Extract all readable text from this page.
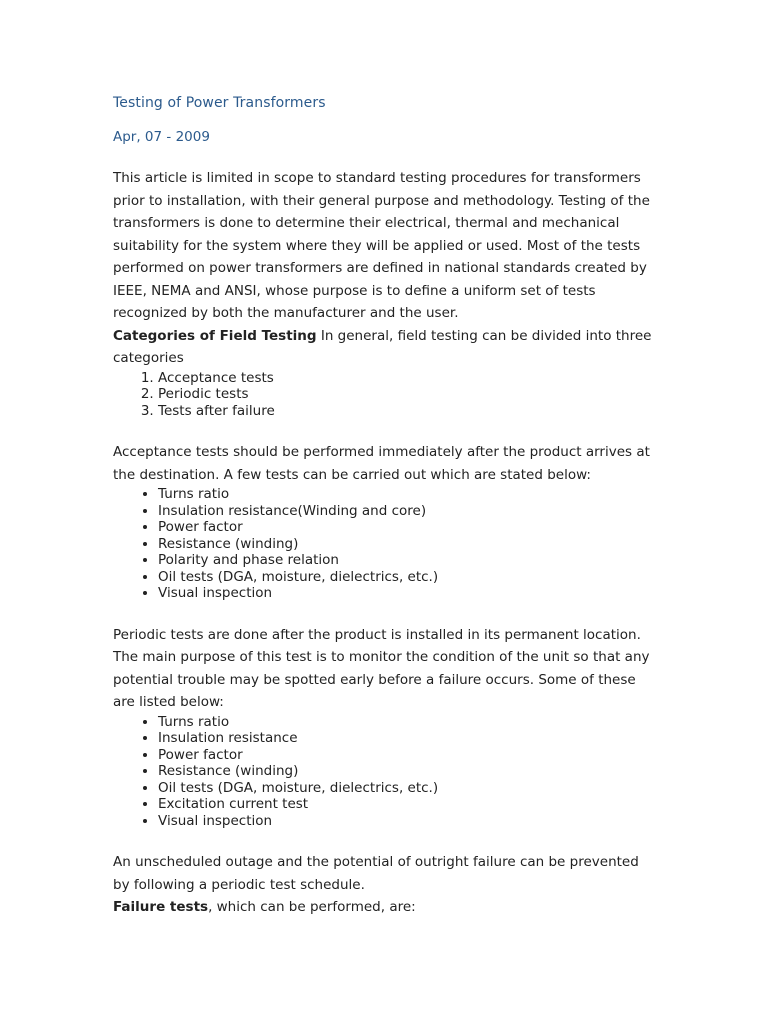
Testing of Power Transformers
Apr, 07 - 2009

This article is limited in scope to standard testing procedures for transformers prior to installation, with their general purpose and methodology. Testing of the transformers is done to determine their electrical, thermal and mechanical suitability for the system where they will be applied or used. Most of the tests performed on power transformers are defined in national standards created by IEEE, NEMA and ANSI, whose purpose is to define a uniform set of tests recognized by both the manufacturer and the user.

Categories of Field Testing In general, field testing can be divided into three categories

1. Acceptance tests
2. Periodic tests
3. Tests after failure

Acceptance tests should be performed immediately after the product arrives at the destination. A few tests can be carried out which are stated below:

• Turns ratio
• Insulation resistance(Winding and core)
• Power factor
• Resistance (winding)
• Polarity and phase relation
• Oil tests (DGA, moisture, dielectrics, etc.)
• Visual inspection

Periodic tests are done after the product is installed in its permanent location. The main purpose of this test is to monitor the condition of the unit so that any potential trouble may be spotted early before a failure occurs. Some of these are listed below:

• Turns ratio
• Insulation resistance
• Power factor
• Resistance (winding)
• Oil tests (DGA, moisture, dielectrics, etc.)
• Excitation current test
• Visual inspection

An unscheduled outage and the potential of outright failure can be prevented by following a periodic test schedule.

Failure tests, which can be performed, are:
